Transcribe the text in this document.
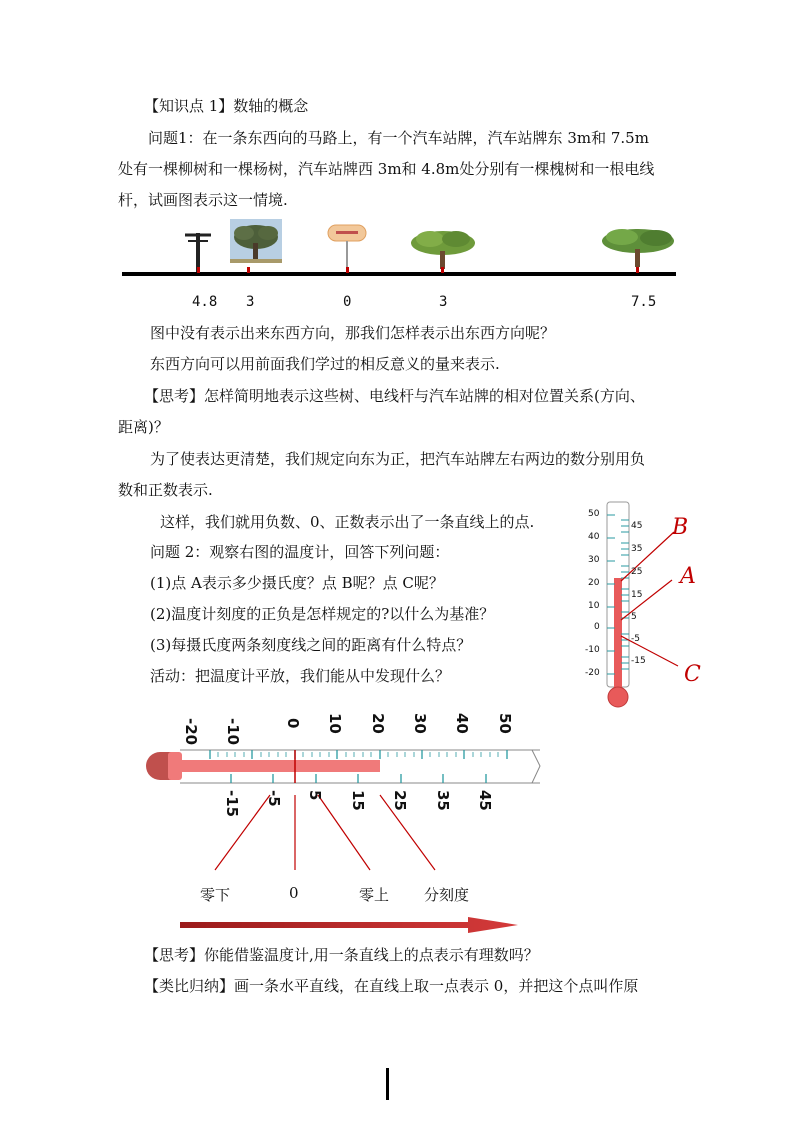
【知识点 1】数轴的概念
问题1：在一条东西向的马路上，有一个汽车站牌，汽车站牌东 3m和 7.5m
处有一棵柳树和一棵杨树，汽车站牌西 3m和 4.8m处分别有一棵槐树和一根电线
杆，试画图表示这一情境.
4.8 3	0	3	7.5
图中没有表示出来东西方向，那我们怎样表示出东西方向呢？
东西方向可以用前面我们学过的相反意义的量来表示.
【思考】怎样简明地表示这些树、电线杆与汽车站牌的相对位置关系(方向、
距离)？
为了使表达更清楚，我们规定向东为正，把汽车站牌左右两边的数分别用负
数和正数表示.
这样，我们就用负数、0、正数表示出了一条直线上的点.
问题 2：观察右图的温度计，回答下列问题：
(1)点 A表示多少摄氏度？点 B呢？点 C呢？
(2)温度计刻度的正负是怎样规定的?以什么为基准？
(3)每摄氏度两条刻度线之间的距离有什么特点？
活动：把温度计平放，我们能从中发现什么？
50
40
30
20
10
0
-10
-20
45
35
25
15
5
-5
-15
A
B
C
-20 -10	0 10 20 30 40 50
-15 -5 5 15 25 35 45
零下	0	零上 分刻度
【思考】你能借鉴温度计,用一条直线上的点表示有理数吗？
【类比归纳】画一条水平直线，在直线上取一点表示 0，并把这个点叫作原
